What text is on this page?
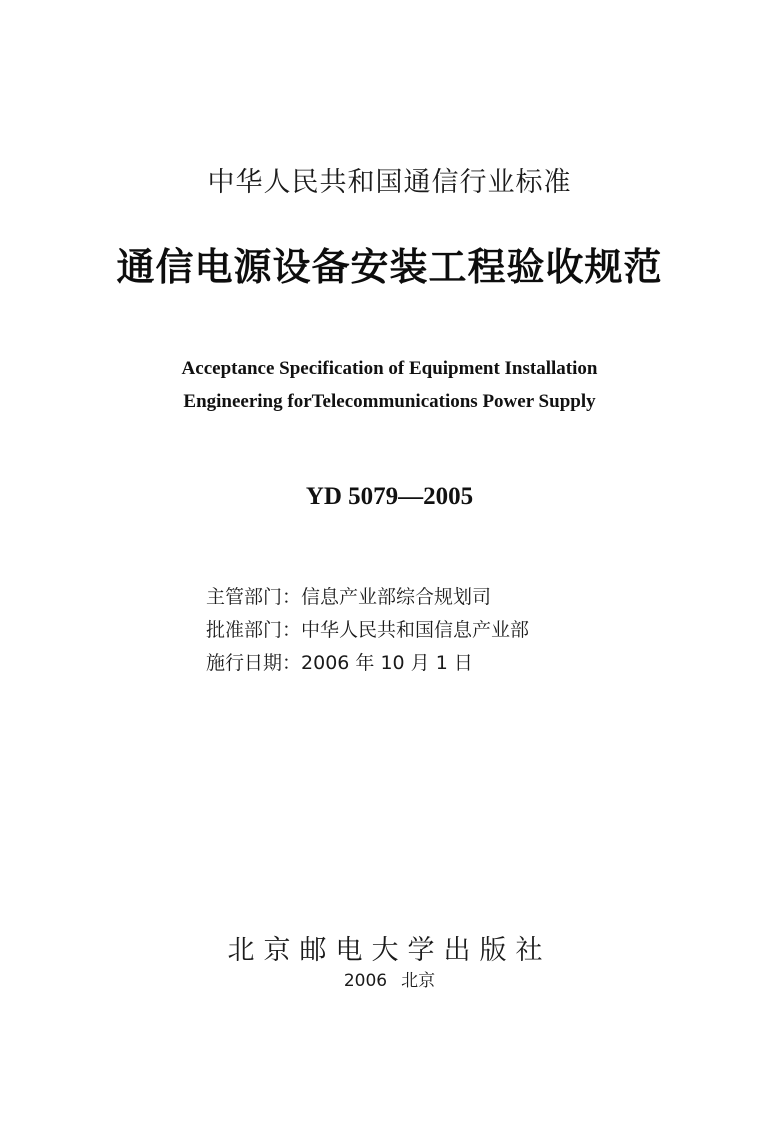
中华人民共和国通信行业标准
通信电源设备安装工程验收规范
Acceptance Specification of Equipment Installation
Engineering forTelecommunications Power Supply
YD 5079—2005
主管部门：信息产业部综合规划司
批准部门：中华人民共和国信息产业部
施行日期：2006 年 10 月 1 日
北京邮电大学出版社
2006 北京
